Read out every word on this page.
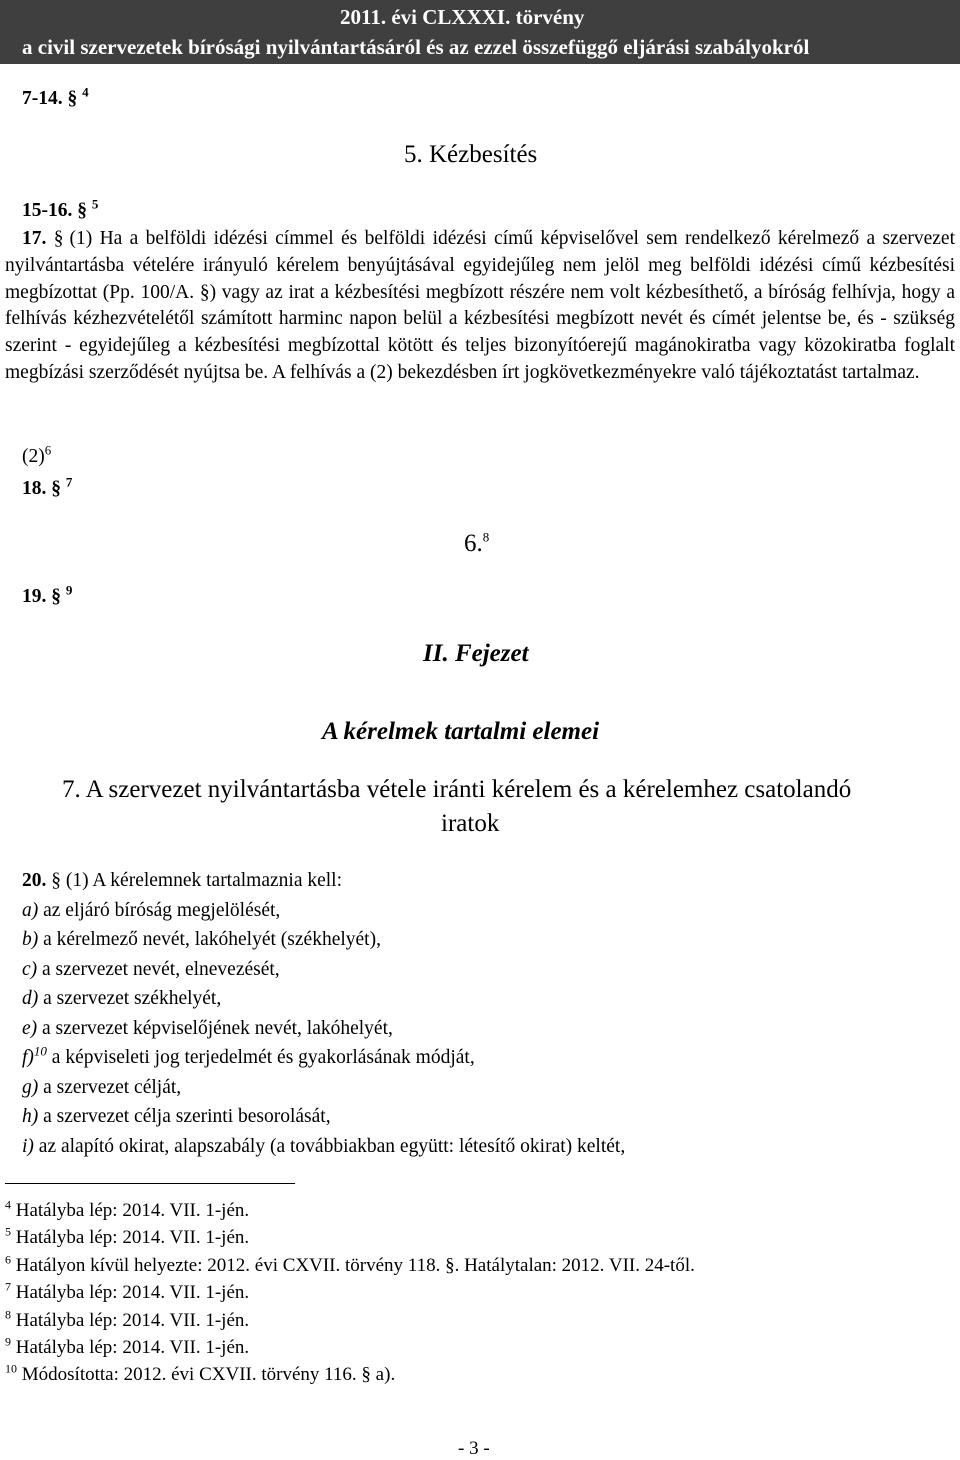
2011. évi CLXXXI. törvény
a civil szervezetek bírósági nyilvántartásáról és az ezzel összefüggő eljárási szabályokról
7-14. § $^4$
5. Kézbesítés
15-16. § $^5$
17. § (1) Ha a belföldi idézési címmel és belföldi idézési című képviselővel sem rendelkező kérelmező a szervezet nyilvántartásba vételére irányuló kérelem benyújtásával egyidejűleg nem jelöl meg belföldi idézési című kézbesítési megbízottat (Pp. 100/A. §) vagy az irat a kézbesítési megbízott részére nem volt kézbesíthető, a bíróság felhívja, hogy a felhívás kézhezvételétől számított harminc napon belül a kézbesítési megbízott nevét és címét jelentse be, és - szükség szerint - egyidejűleg a kézbesítési megbízottal kötött és teljes bizonyítóerejű magánokiratba vagy közokiratba foglalt megbízási szerződését nyújtsa be. A felhívás a (2) bekezdésben írt jogkövetkezményekre való tájékoztatást tartalmaz.
$(2)^6$
18. § $^7$
6.$^8$
19. § $^9$
II. Fejezet
A kérelmek tartalmi elemei
7. A szervezet nyilvántartásba vétele iránti kérelem és a kérelemhez csatolandó
iratok
20. § (1) A kérelemnek tartalmaznia kell:
a) az eljáró bíróság megjelölését,
b) a kérelmező nevét, lakóhelyét (székhelyét),
c) a szervezet nevét, elnevezését,
d) a szervezet székhelyét,
e) a szervezet képviselőjének nevét, lakóhelyét,
f)$^{10}$ a képviseleti jog terjedelmét és gyakorlásának módját,
g) a szervezet célját,
h) a szervezet célja szerinti besorolását,
i) az alapító okirat, alapszabály (a továbbiakban együtt: létesítő okirat) keltét,
$^4$ Hatályba lép: 2014. VII. 1-jén.
$^5$ Hatályba lép: 2014. VII. 1-jén.
$^6$ Hatályon kívül helyezte: 2012. évi CXVII. törvény 118. §. Hatálytalan: 2012. VII. 24-től.
$^7$ Hatályba lép: 2014. VII. 1-jén.
$^8$ Hatályba lép: 2014. VII. 1-jén.
$^9$ Hatályba lép: 2014. VII. 1-jén.
$^{10}$ Módosította: 2012. évi CXVII. törvény 116. § a).
- 3 -
